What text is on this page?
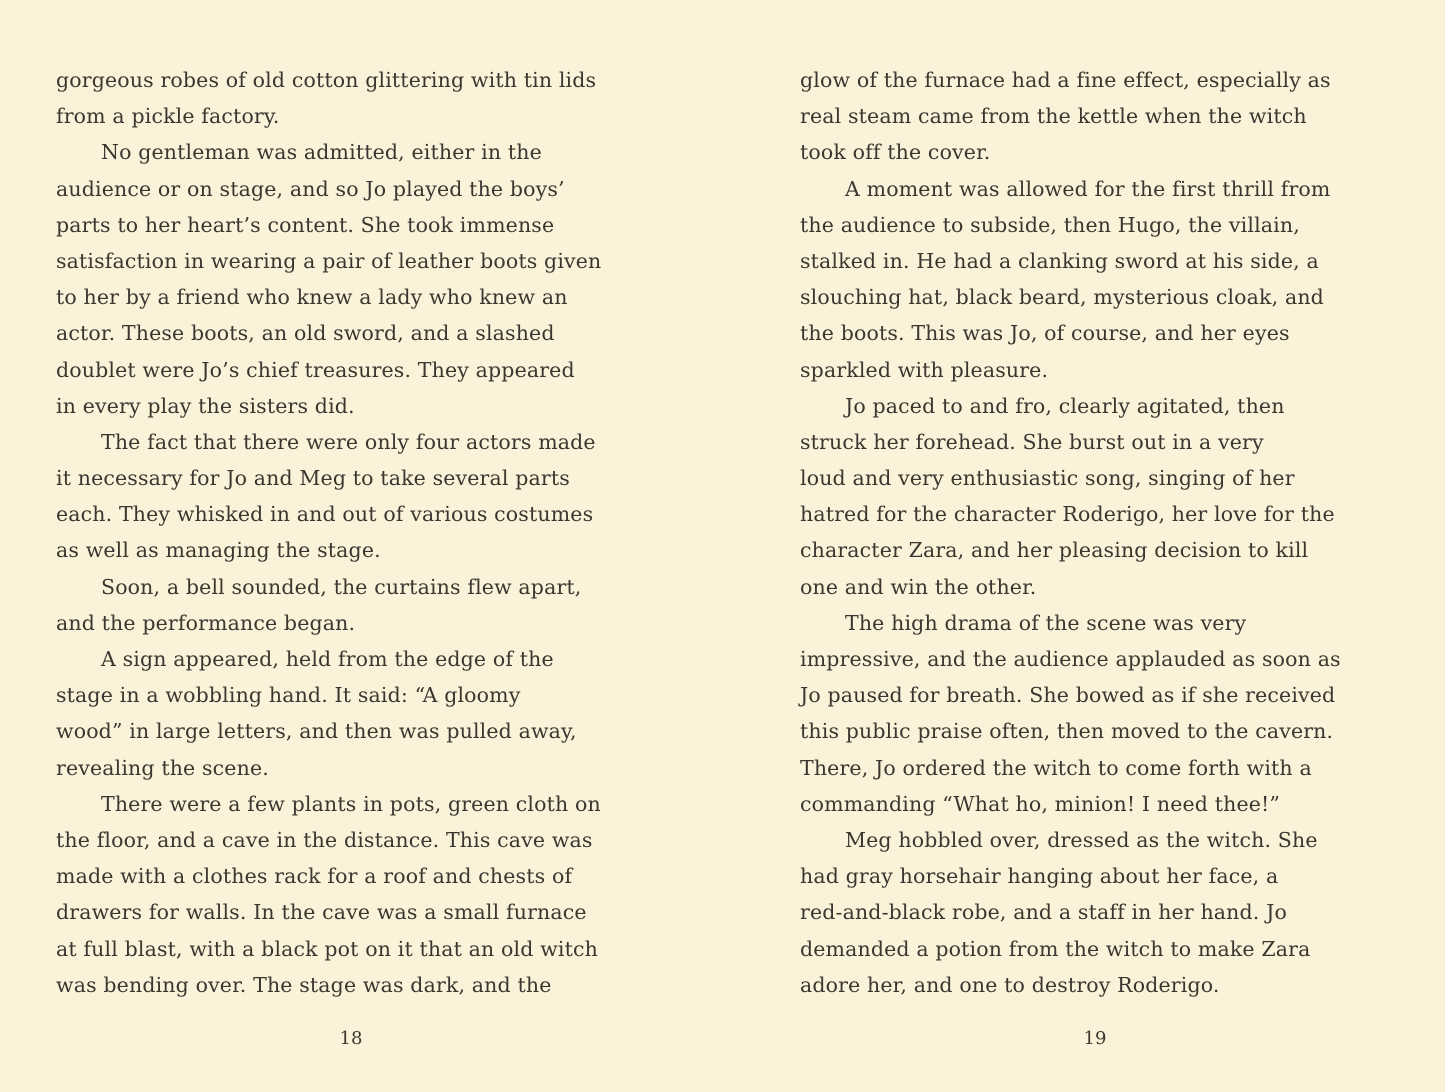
gorgeous robes of old cotton glittering with tin lids
from a pickle factory.
No gentleman was admitted, either in the
audience or on stage, and so Jo played the boys’
parts to her heart’s content. She took immense
satisfaction in wearing a pair of leather boots given
to her by a friend who knew a lady who knew an
actor. These boots, an old sword, and a slashed
doublet were Jo’s chief treasures. They appeared
in every play the sisters did.
The fact that there were only four actors made
it necessary for Jo and Meg to take several parts
each. They whisked in and out of various costumes
as well as managing the stage.
Soon, a bell sounded, the curtains flew apart,
and the performance began.
A sign appeared, held from the edge of the
stage in a wobbling hand. It said: “A gloomy
wood” in large letters, and then was pulled away,
revealing the scene.
There were a few plants in pots, green cloth on
the floor, and a cave in the distance. This cave was
made with a clothes rack for a roof and chests of
drawers for walls. In the cave was a small furnace
at full blast, with a black pot on it that an old witch
was bending over. The stage was dark, and the
18
glow of the furnace had a fine effect, especially as
real steam came from the kettle when the witch
took off the cover.
A moment was allowed for the first thrill from
the audience to subside, then Hugo, the villain,
stalked in. He had a clanking sword at his side, a
slouching hat, black beard, mysterious cloak, and
the boots. This was Jo, of course, and her eyes
sparkled with pleasure.
Jo paced to and fro, clearly agitated, then
struck her forehead. She burst out in a very
loud and very enthusiastic song, singing of her
hatred for the character Roderigo, her love for the
character Zara, and her pleasing decision to kill
one and win the other.
The high drama of the scene was very
impressive, and the audience applauded as soon as
Jo paused for breath. She bowed as if she received
this public praise often, then moved to the cavern.
There, Jo ordered the witch to come forth with a
commanding “What ho, minion! I need thee!”
Meg hobbled over, dressed as the witch. She
had gray horsehair hanging about her face, a
red-and-black robe, and a staff in her hand. Jo
demanded a potion from the witch to make Zara
adore her, and one to destroy Roderigo.
19
